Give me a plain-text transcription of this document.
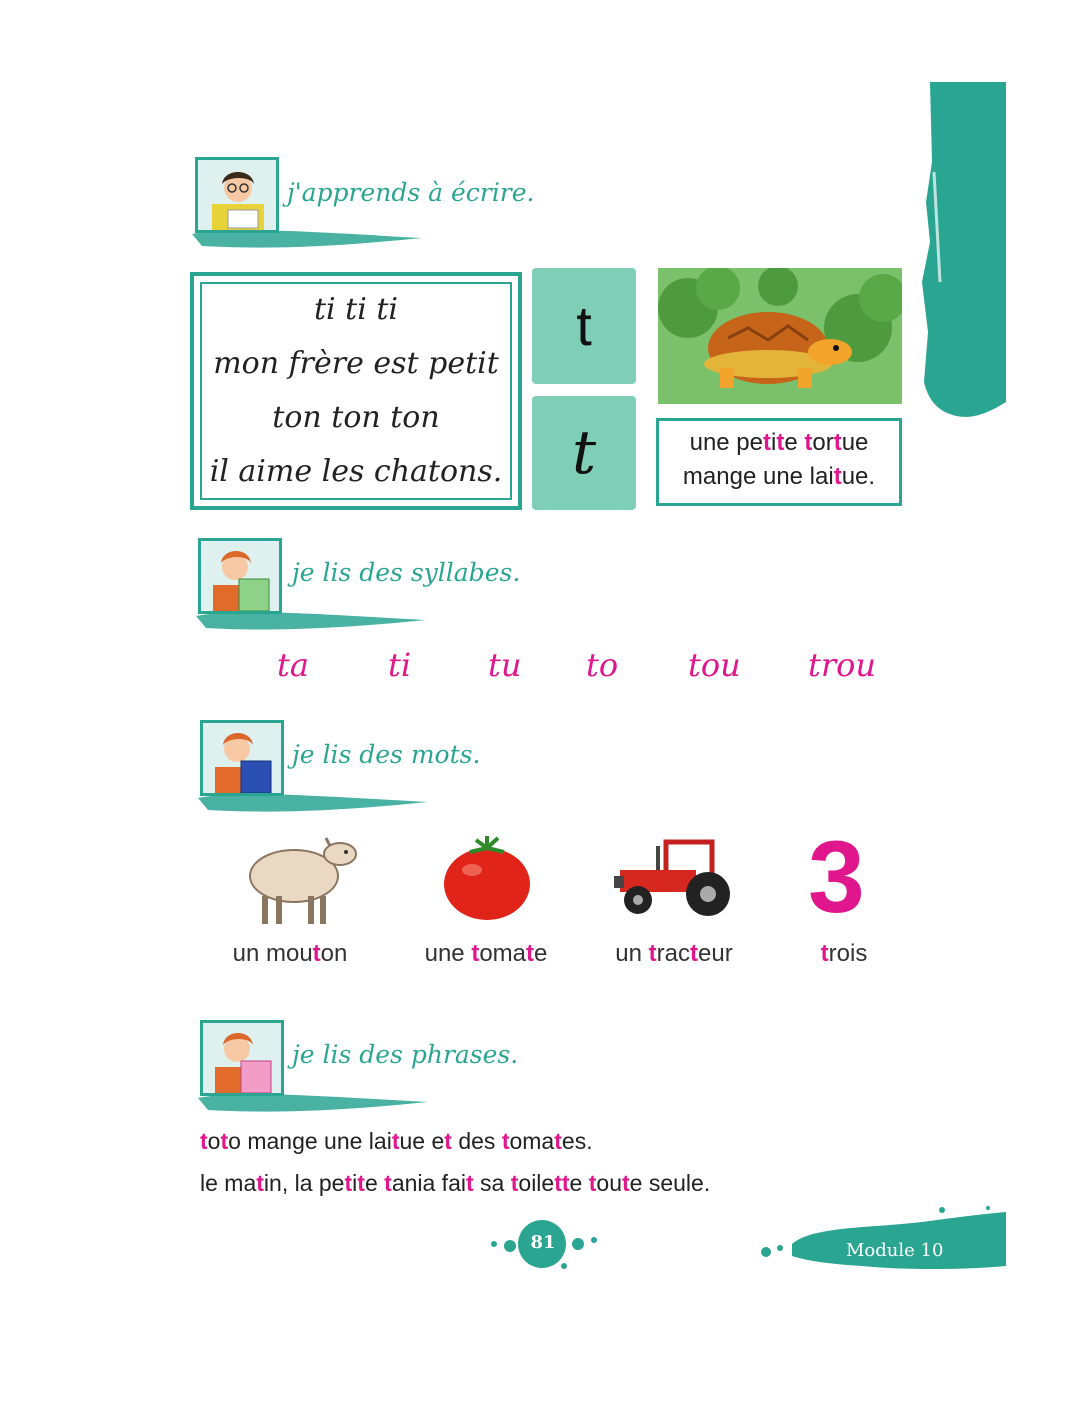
j'apprends à écrire.
ti ti ti
mon frère est petit
ton ton ton
il aime les chatons.
t
t	une petite tortue
mange une laitue.
je lis des syllabes.
ta ti tu to tou trou
je lis des mots.
3
un mouton	une tomate	un tracteur	trois
je lis des phrases.
toto mange une laitue et des tomates.
le matin, la petite tania fait sa toilette toute seule.
81	Module 10
